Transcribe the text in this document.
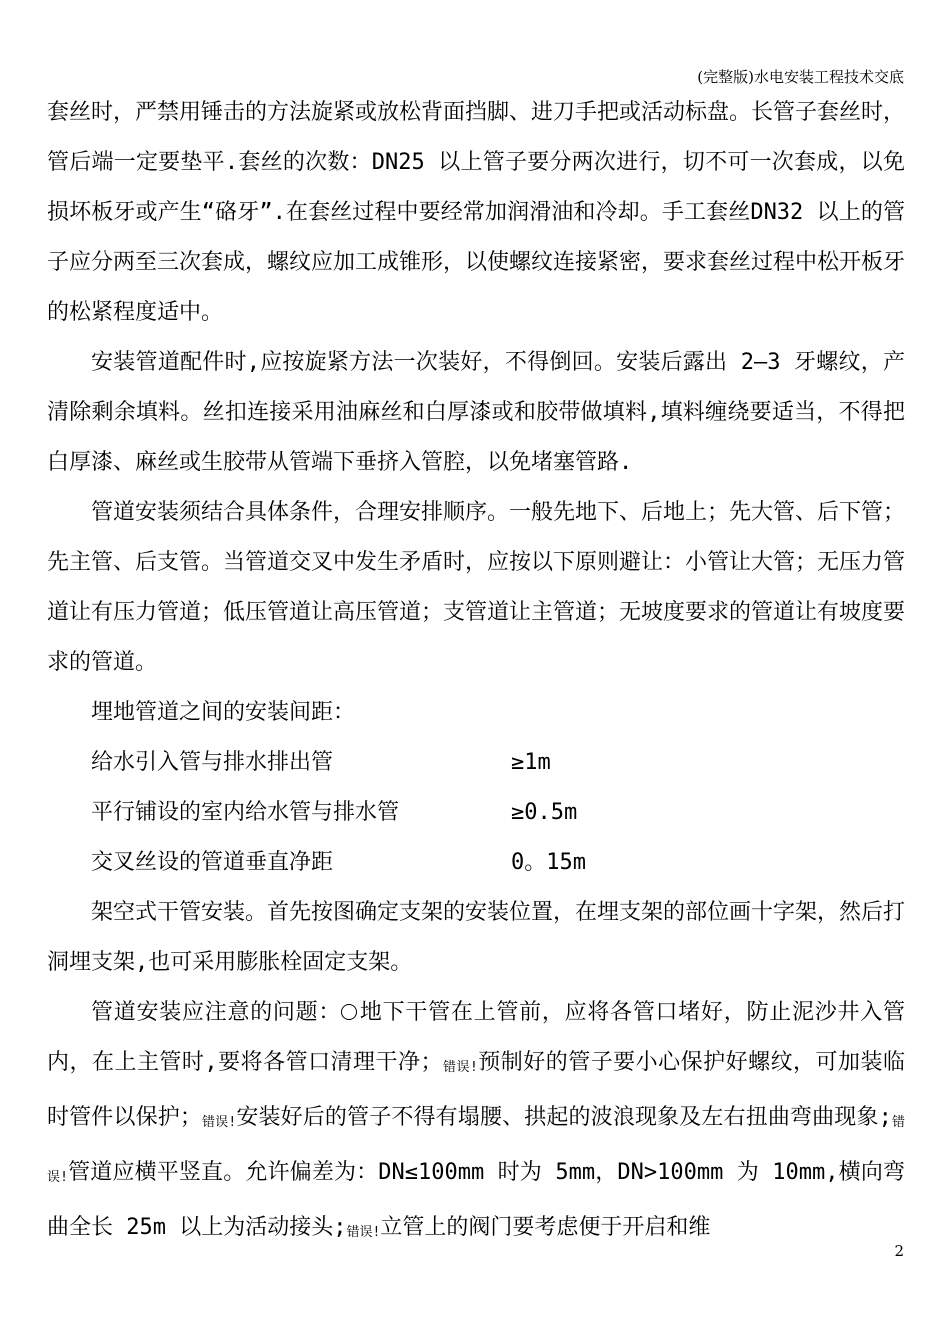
(完整版)水电安装工程技术交底

套丝时，严禁用锤击的方法旋紧或放松背面挡脚、进刀手把或活动标盘。长管子套丝时，管后端一定要垫平.套丝的次数：DN25 以上管子要分两次进行，切不可一次套成，以免损坏板牙或产生“硌牙”.在套丝过程中要经常加润滑油和冷却。手工套丝DN32 以上的管子应分两至三次套成，螺纹应加工成锥形，以使螺纹连接紧密，要求套丝过程中松开板牙的松紧程度适中。

安装管道配件时,应按旋紧方法一次装好，不得倒回。安装后露出 2—3 牙螺纹，产清除剩余填料。丝扣连接采用油麻丝和白厚漆或和胶带做填料,填料缠绕要适当，不得把白厚漆、麻丝或生胶带从管端下垂挤入管腔，以免堵塞管路.

管道安装须结合具体条件，合理安排顺序。一般先地下、后地上；先大管、后下管；先主管、后支管。当管道交叉中发生矛盾时，应按以下原则避让：小管让大管；无压力管道让有压力管道；低压管道让高压管道；支管道让主管道；无坡度要求的管道让有坡度要求的管道。

埋地管道之间的安装间距：

给水引入管与排水排出管	≥1m
平行铺设的室内给水管与排水管	≥0.5m
交叉丝设的管道垂直净距	0。15m

架空式干管安装。首先按图确定支架的安装位置，在埋支架的部位画十字架，然后打洞埋支架,也可采用膨胀栓固定支架。

管道安装应注意的问题： 地下干管在上管前，应将各管口堵好，防止泥沙井入管内，在上主管时,要将各管口清理干净；错误!预制好的管子要小心保护好螺纹，可加装临时管件以保护；错误!安装好后的管子不得有塌腰、拱起的波浪现象及左右扭曲弯曲现象;错误!管道应横平竖直。允许偏差为：DN≤100mm 时为 5mm，DN>100mm 为 10mm,横向弯曲全长 25m 以上为活动接头;错误!立管上的阀门要考虑便于开启和维

2
